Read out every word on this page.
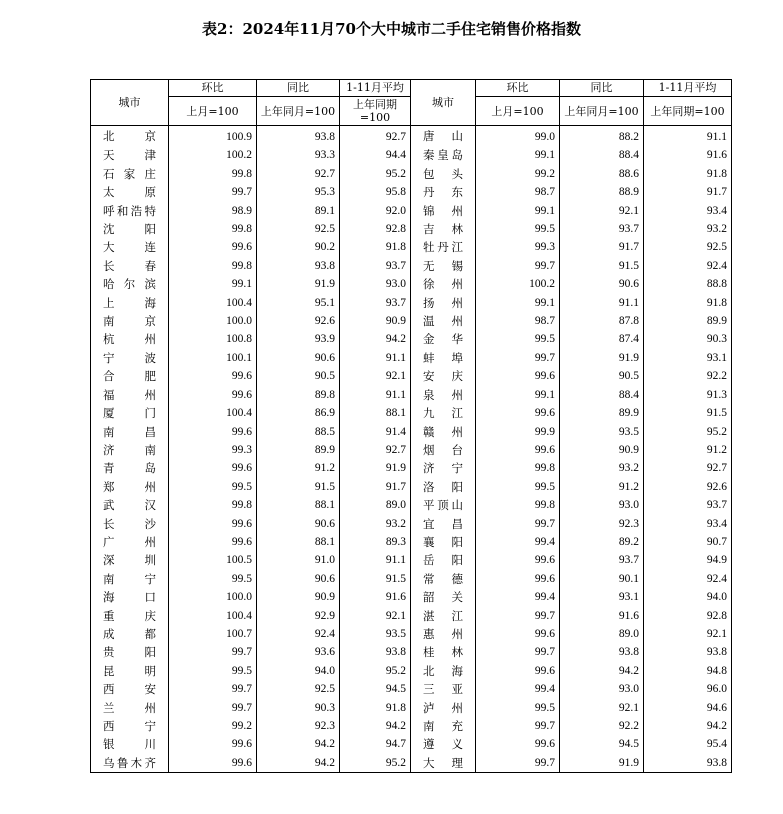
表2：2024年11月70个大中城市二手住宅销售价格指数
城市	环比	同比	1-11月平均	城市	环比	同比	1-11月平均
	上月=100	上年同月=100	上年同期=100		上月=100	上年同月=100	上年同期=100
北京	100.9	93.8	92.7	唐山	99.0	88.2	91.1
天津	100.2	93.3	94.4	秦皇岛	99.1	88.4	91.6
石家庄	99.8	92.7	95.2	包头	99.2	88.6	91.8
太原	99.7	95.3	95.8	丹东	98.7	88.9	91.7
呼和浩特	98.9	89.1	92.0	锦州	99.1	92.1	93.4
沈阳	99.8	92.5	92.8	吉林	99.5	93.7	93.2
大连	99.6	90.2	91.8	牡丹江	99.3	91.7	92.5
长春	99.8	93.8	93.7	无锡	99.7	91.5	92.4
哈尔滨	99.1	91.9	93.0	徐州	100.2	90.6	88.8
上海	100.4	95.1	93.7	扬州	99.1	91.1	91.8
南京	100.0	92.6	90.9	温州	98.7	87.8	89.9
杭州	100.8	93.9	94.2	金华	99.5	87.4	90.3
宁波	100.1	90.6	91.1	蚌埠	99.7	91.9	93.1
合肥	99.6	90.5	92.1	安庆	99.6	90.5	92.2
福州	99.6	89.8	91.1	泉州	99.1	88.4	91.3
厦门	100.4	86.9	88.1	九江	99.6	89.9	91.5
南昌	99.6	88.5	91.4	赣州	99.9	93.5	95.2
济南	99.3	89.9	92.7	烟台	99.6	90.9	91.2
青岛	99.6	91.2	91.9	济宁	99.8	93.2	92.7
郑州	99.5	91.5	91.7	洛阳	99.5	91.2	92.6
武汉	99.8	88.1	89.0	平顶山	99.8	93.0	93.7
长沙	99.6	90.6	93.2	宜昌	99.7	92.3	93.4
广州	99.6	88.1	89.3	襄阳	99.4	89.2	90.7
深圳	100.5	91.0	91.1	岳阳	99.6	93.7	94.9
南宁	99.5	90.6	91.5	常德	99.6	90.1	92.4
海口	100.0	90.9	91.6	韶关	99.4	93.1	94.0
重庆	100.4	92.9	92.1	湛江	99.7	91.6	92.8
成都	100.7	92.4	93.5	惠州	99.6	89.0	92.1
贵阳	99.7	93.6	93.8	桂林	99.7	93.8	93.8
昆明	99.5	94.0	95.2	北海	99.6	94.2	94.8
西安	99.7	92.5	94.5	三亚	99.4	93.0	96.0
兰州	99.7	90.3	91.8	泸州	99.5	92.1	94.6
西宁	99.2	92.3	94.2	南充	99.7	92.2	94.2
银川	99.6	94.2	94.7	遵义	99.6	94.5	95.4
乌鲁木齐	99.6	94.2	95.2	大理	99.7	91.9	93.8
